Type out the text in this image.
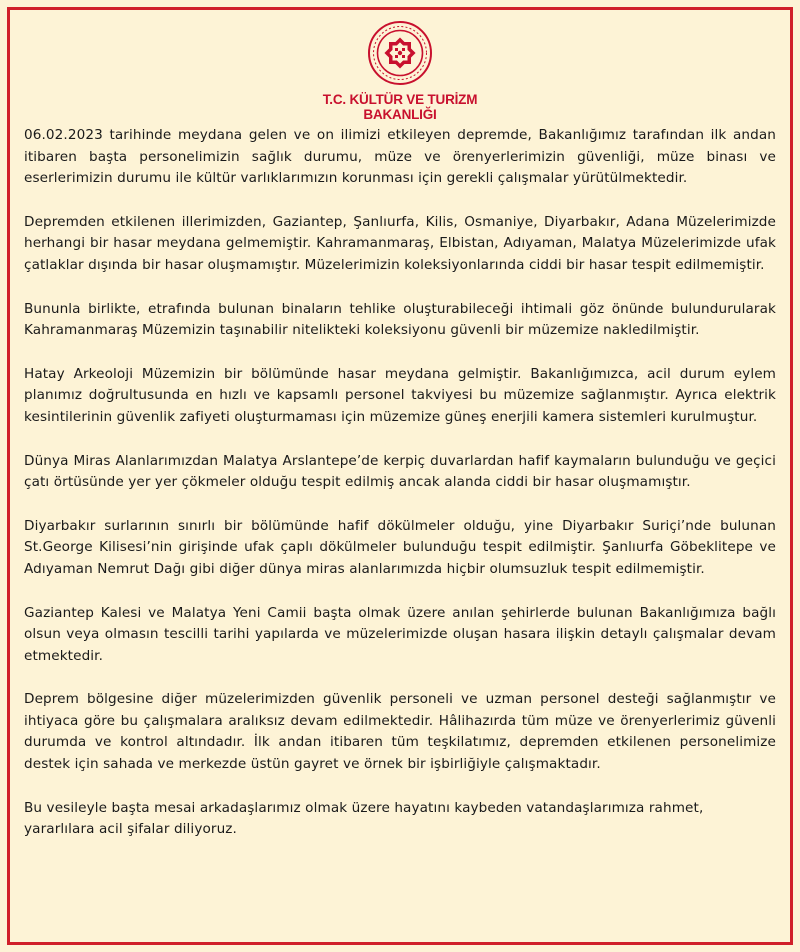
T.C. KÜLTÜR VE TURİZM
BAKANLIĞI

06.02.2023 tarihinde meydana gelen ve on ilimizi etkileyen depremde, Bakanlığımız tarafından ilk andan itibaren başta personelimizin sağlık durumu, müze ve örenyerlerimizin güvenliği, müze binası ve eserlerimizin durumu ile kültür varlıklarımızın korunması için gerekli çalışmalar yürütülmektedir.

Depremden etkilenen illerimizden, Gaziantep, Şanlıurfa, Kilis, Osmaniye, Diyarbakır, Adana Müzelerimizde herhangi bir hasar meydana gelmemiştir. Kahramanmaraş, Elbistan, Adıyaman, Malatya Müzelerimizde ufak çatlaklar dışında bir hasar oluşmamıştır. Müzelerimizin koleksiyonlarında ciddi bir hasar tespit edilmemiştir.

Bununla birlikte, etrafında bulunan binaların tehlike oluşturabileceği ihtimali göz önünde bulundurularak Kahramanmaraş Müzemizin taşınabilir nitelikteki koleksiyonu güvenli bir müzemize nakledilmiştir.

Hatay Arkeoloji Müzemizin bir bölümünde hasar meydana gelmiştir. Bakanlığımızca, acil durum eylem planımız doğrultusunda en hızlı ve kapsamlı personel takviyesi bu müzemize sağlanmıştır. Ayrıca elektrik kesintilerinin güvenlik zafiyeti oluşturmaması için müzemize güneş enerjili kamera sistemleri kurulmuştur.

Dünya Miras Alanlarımızdan Malatya Arslantepe’de kerpiç duvarlardan hafif kaymaların bulunduğu ve geçici çatı örtüsünde yer yer çökmeler olduğu tespit edilmiş ancak alanda ciddi bir hasar oluşmamıştır.

Diyarbakır surlarının sınırlı bir bölümünde hafif dökülmeler olduğu, yine Diyarbakır Suriçi’nde bulunan St.George Kilisesi’nin girişinde ufak çaplı dökülmeler bulunduğu tespit edilmiştir. Şanlıurfa Göbeklitepe ve Adıyaman Nemrut Dağı gibi diğer dünya miras alanlarımızda hiçbir olumsuzluk tespit edilmemiştir.

Gaziantep Kalesi ve Malatya Yeni Camii başta olmak üzere anılan şehirlerde bulunan Bakanlığımıza bağlı olsun veya olmasın tescilli tarihi yapılarda ve müzelerimizde oluşan hasara ilişkin detaylı çalışmalar devam etmektedir.

Deprem bölgesine diğer müzelerimizden güvenlik personeli ve uzman personel desteği sağlanmıştır ve ihtiyaca göre bu çalışmalara aralıksız devam edilmektedir. Hâlihazırda tüm müze ve örenyerlerimiz güvenli durumda ve kontrol altındadır. İlk andan itibaren tüm teşkilatımız, depremden etkilenen personelimize destek için sahada ve merkezde üstün gayret ve örnek bir işbirliğiyle çalışmaktadır.

Bu vesileyle başta mesai arkadaşlarımız olmak üzere hayatını kaybeden vatandaşlarımıza rahmet, yararlılara acil şifalar diliyoruz.
